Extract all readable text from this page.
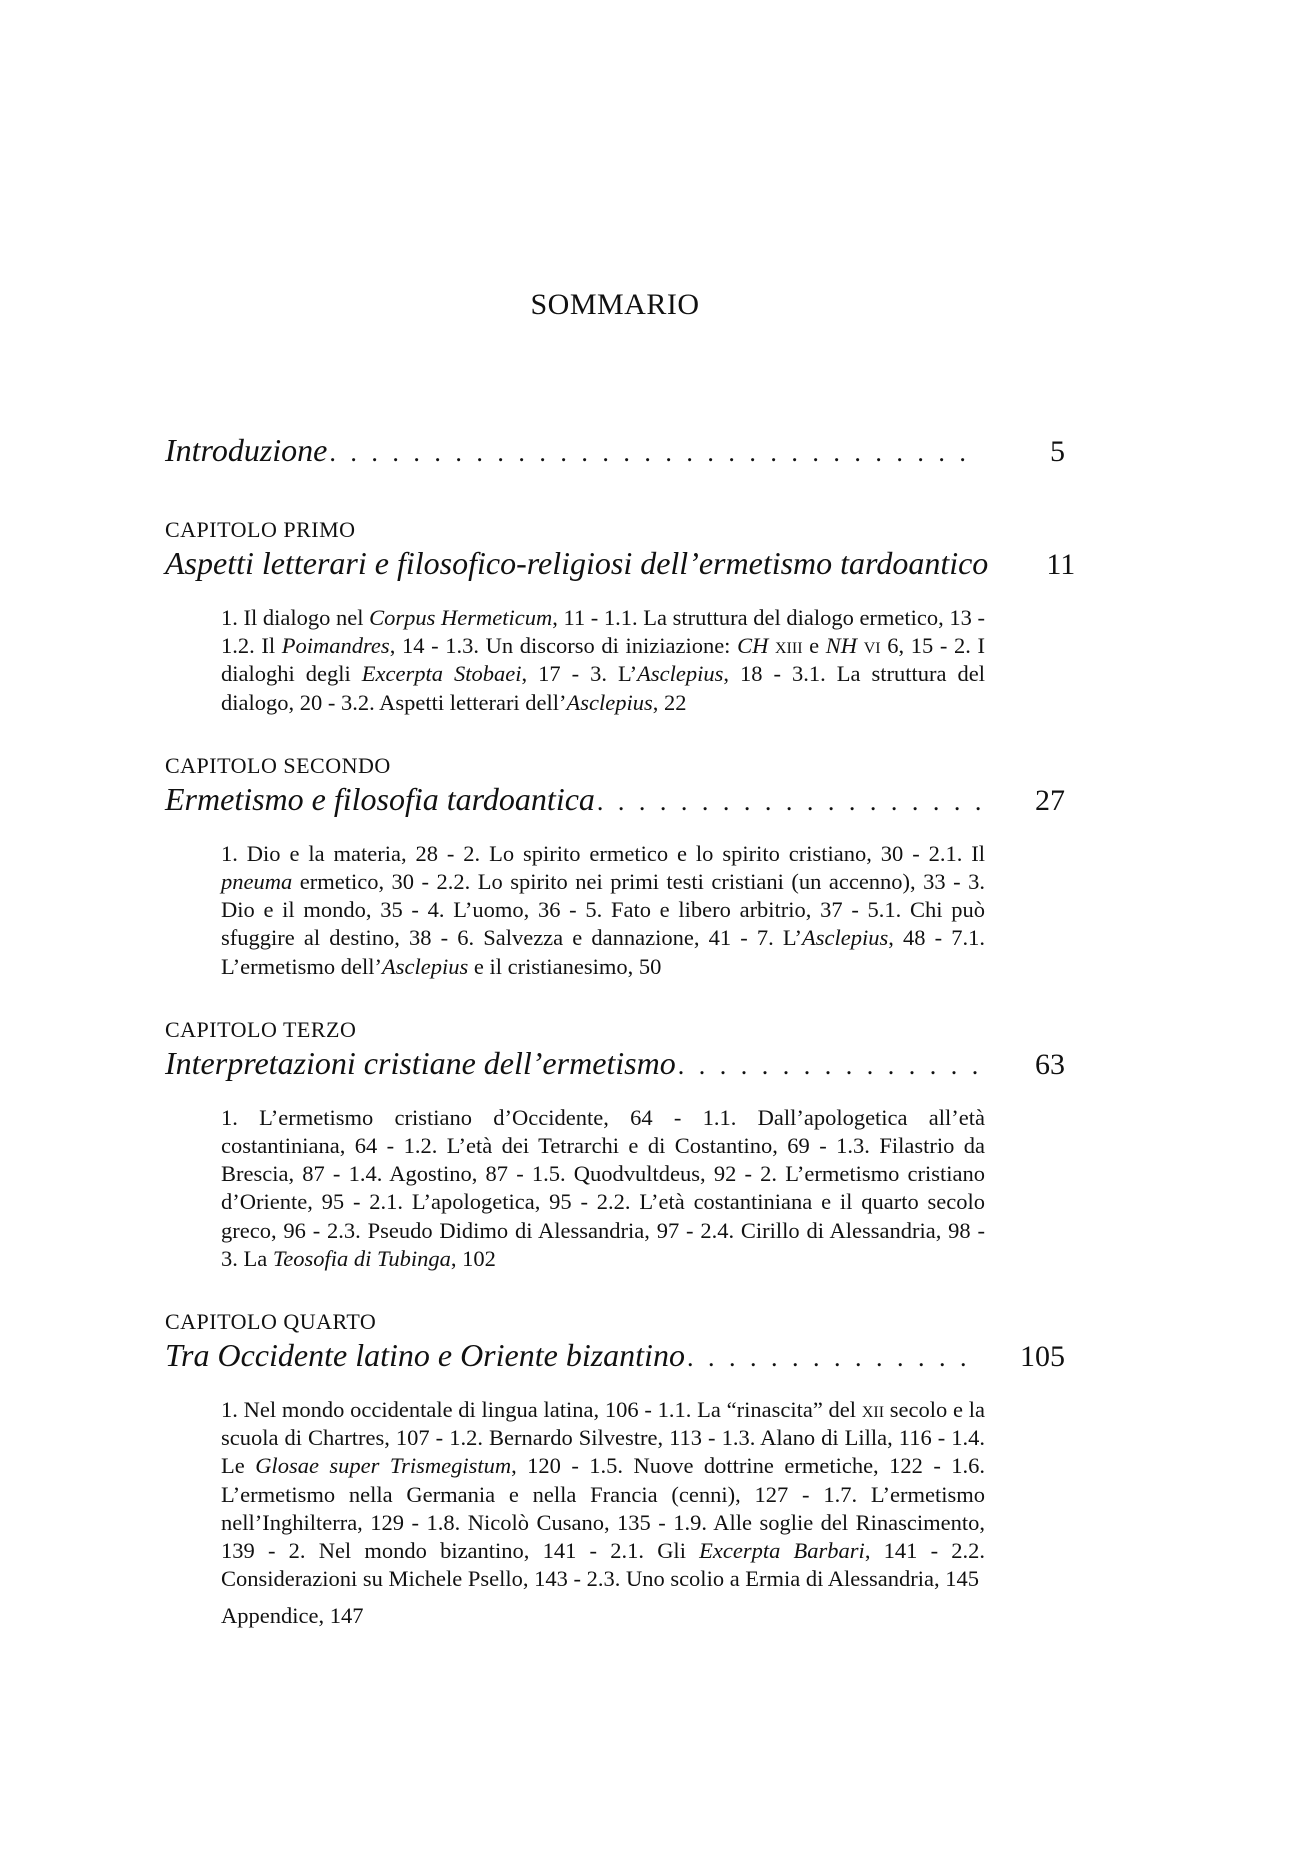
SOMMARIO
Introduzione . . .	5
CAPITOLO PRIMO
Aspetti letterari e filosofico-religiosi dell’ermetismo tardoantico	11
1. Il dialogo nel Corpus Hermeticum, 11 - 1.1. La struttura del dialogo ermetico, 13 - 1.2. Il Poimandres, 14 - 1.3. Un discorso di iniziazione: CH xiii e NH vi 6, 15 - 2. I dialoghi degli Excerpta Stobaei, 17 - 3. L’Asclepius, 18 - 3.1. La struttura del dialogo, 20 - 3.2. Aspetti letterari dell’Asclepius, 22
CAPITOLO SECONDO
Ermetismo e filosofia tardoantica . . .	27
1. Dio e la materia, 28 - 2. Lo spirito ermetico e lo spirito cristiano, 30 - 2.1. Il pneuma ermetico, 30 - 2.2. Lo spirito nei primi testi cristiani (un accenno), 33 - 3. Dio e il mondo, 35 - 4. L’uomo, 36 - 5. Fato e libero arbitrio, 37 - 5.1. Chi può sfuggire al destino, 38 - 6. Salvezza e dannazione, 41 - 7. L’Asclepius, 48 - 7.1. L’ermetismo dell’Asclepius e il cristianesimo, 50
CAPITOLO TERZO
Interpretazioni cristiane dell’ermetismo . . .	63
1. L’ermetismo cristiano d’Occidente, 64 - 1.1. Dall’apologetica all’età costantiniana, 64 - 1.2. L’età dei Tetrarchi e di Costantino, 69 - 1.3. Filastrio da Brescia, 87 - 1.4. Agostino, 87 - 1.5. Quodvultdeus, 92 - 2. L’ermetismo cristiano d’Oriente, 95 - 2.1. L’apologetica, 95 - 2.2. L’età costantiniana e il quarto secolo greco, 96 - 2.3. Pseudo Didimo di Alessandria, 97 - 2.4. Cirillo di Alessandria, 98 - 3. La Teosofia di Tubinga, 102
CAPITOLO QUARTO
Tra Occidente latino e Oriente bizantino . . .	105
1. Nel mondo occidentale di lingua latina, 106 - 1.1. La “rinascita” del xii secolo e la scuola di Chartres, 107 - 1.2. Bernardo Silvestre, 113 - 1.3. Alano di Lilla, 116 - 1.4. Le Glosae super Trismegistum, 120 - 1.5. Nuove dottrine ermetiche, 122 - 1.6. L’ermetismo nella Germania e nella Francia (cenni), 127 - 1.7. L’ermetismo nell’Inghilterra, 129 - 1.8. Nicolò Cusano, 135 - 1.9. Alle soglie del Rinascimento, 139 - 2. Nel mondo bizantino, 141 - 2.1. Gli Excerpta Barbari, 141 - 2.2. Considerazioni su Michele Psello, 143 - 2.3. Uno scolio a Ermia di Alessandria, 145
Appendice, 147
